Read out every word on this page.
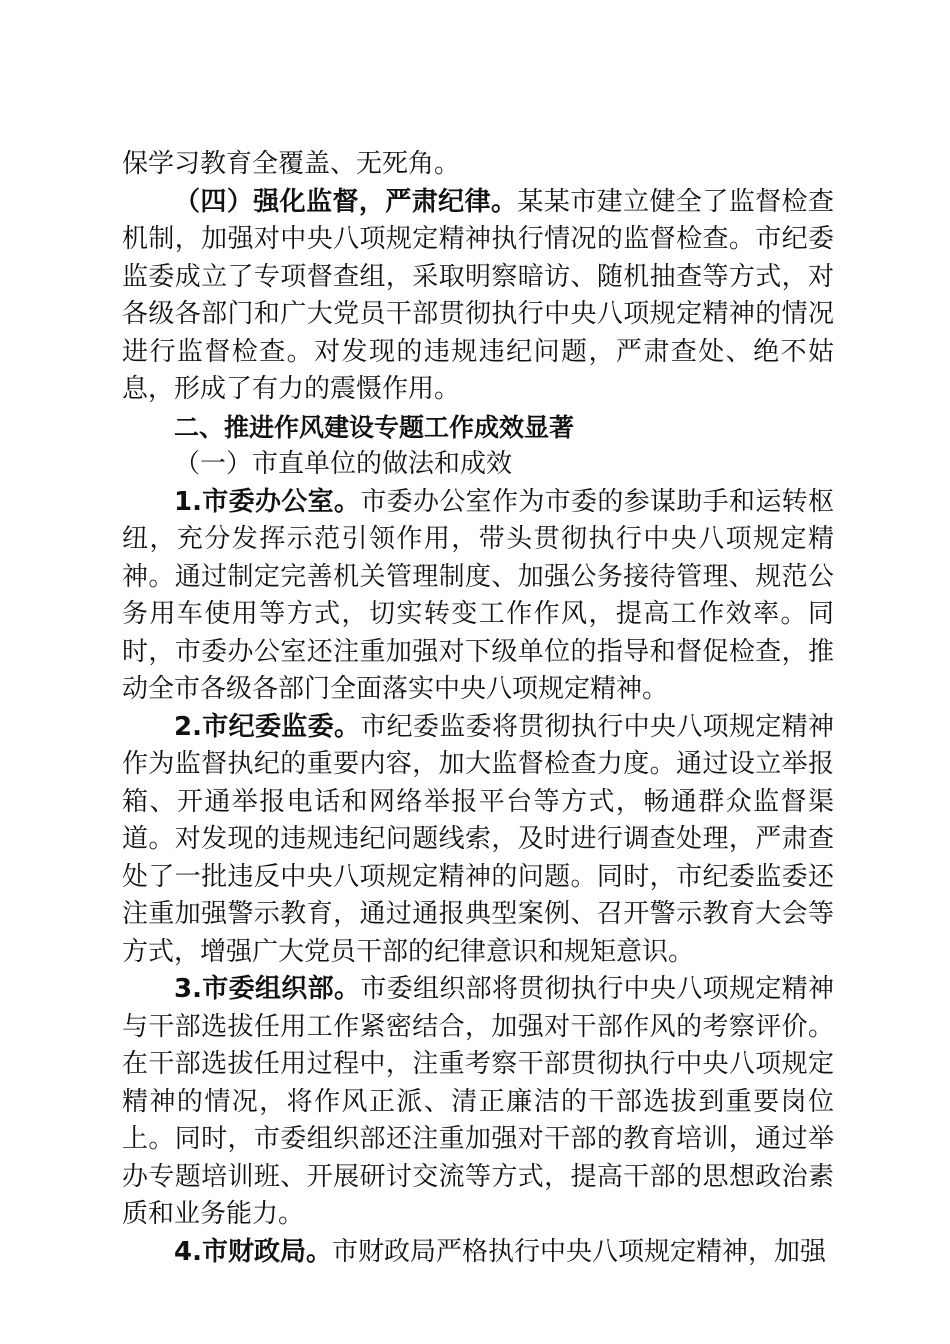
保学习教育全覆盖、无死角。

（四）强化监督，严肃纪律。某某市建立健全了监督检查机制，加强对中央八项规定精神执行情况的监督检查。市纪委监委成立了专项督查组，采取明察暗访、随机抽查等方式，对各级各部门和广大党员干部贯彻执行中央八项规定精神的情况进行监督检查。对发现的违规违纪问题，严肃查处、绝不姑息，形成了有力的震慑作用。

二、推进作风建设专题工作成效显著

（一）市直单位的做法和成效

1.市委办公室。市委办公室作为市委的参谋助手和运转枢纽，充分发挥示范引领作用，带头贯彻执行中央八项规定精神。通过制定完善机关管理制度、加强公务接待管理、规范公务用车使用等方式，切实转变工作作风，提高工作效率。同时，市委办公室还注重加强对下级单位的指导和督促检查，推动全市各级各部门全面落实中央八项规定精神。

2.市纪委监委。市纪委监委将贯彻执行中央八项规定精神作为监督执纪的重要内容，加大监督检查力度。通过设立举报箱、开通举报电话和网络举报平台等方式，畅通群众监督渠道。对发现的违规违纪问题线索，及时进行调查处理，严肃查处了一批违反中央八项规定精神的问题。同时，市纪委监委还注重加强警示教育，通过通报典型案例、召开警示教育大会等方式，增强广大党员干部的纪律意识和规矩意识。

3.市委组织部。市委组织部将贯彻执行中央八项规定精神与干部选拔任用工作紧密结合，加强对干部作风的考察评价。在干部选拔任用过程中，注重考察干部贯彻执行中央八项规定精神的情况，将作风正派、清正廉洁的干部选拔到重要岗位上。同时，市委组织部还注重加强对干部的教育培训，通过举办专题培训班、开展研讨交流等方式，提高干部的思想政治素质和业务能力。

4.市财政局。市财政局严格执行中央八项规定精神，加强
